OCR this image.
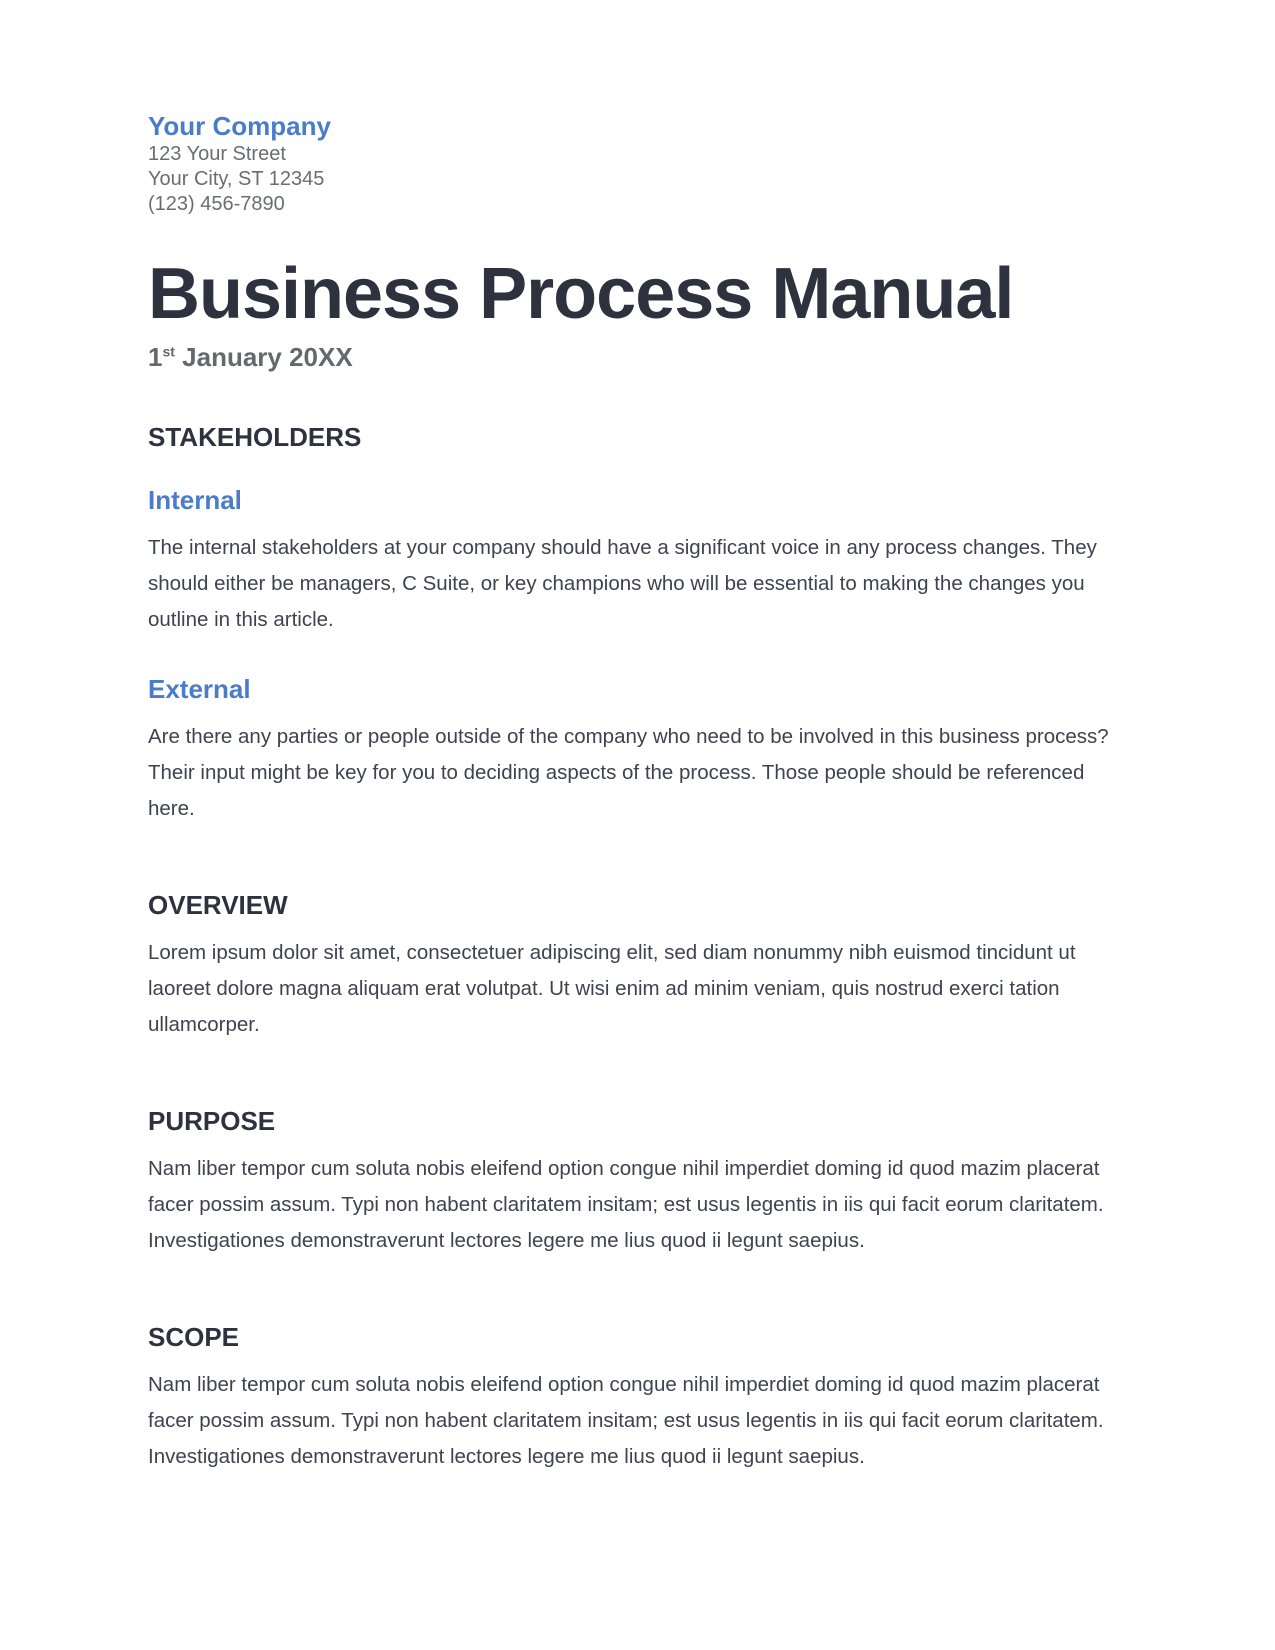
Your Company

123 Your Street

Your City, ST 12345

(123) 456-7890

Business Process Manual

1st January 20XX

STAKEHOLDERS
Internal

The internal stakeholders at your company should have a significant voice in any process changes. They should either be managers, C Suite, or key champions who will be essential to making the changes you outline in this article.

External

Are there any parties or people outside of the company who need to be involved in this business process? Their input might be key for you to deciding aspects of the process. Those people should be referenced here.

OVERVIEW

Lorem ipsum dolor sit amet, consectetuer adipiscing elit, sed diam nonummy nibh euismod tincidunt ut laoreet dolore magna aliquam erat volutpat. Ut wisi enim ad minim veniam, quis nostrud exerci tation ullamcorper.

PURPOSE

Nam liber tempor cum soluta nobis eleifend option congue nihil imperdiet doming id quod mazim placerat facer possim assum. Typi non habent claritatem insitam; est usus legentis in iis qui facit eorum claritatem. Investigationes demonstraverunt lectores legere me lius quod ii legunt saepius.

SCOPE

Nam liber tempor cum soluta nobis eleifend option congue nihil imperdiet doming id quod mazim placerat facer possim assum. Typi non habent claritatem insitam; est usus legentis in iis qui facit eorum claritatem. Investigationes demonstraverunt lectores legere me lius quod ii legunt saepius.
